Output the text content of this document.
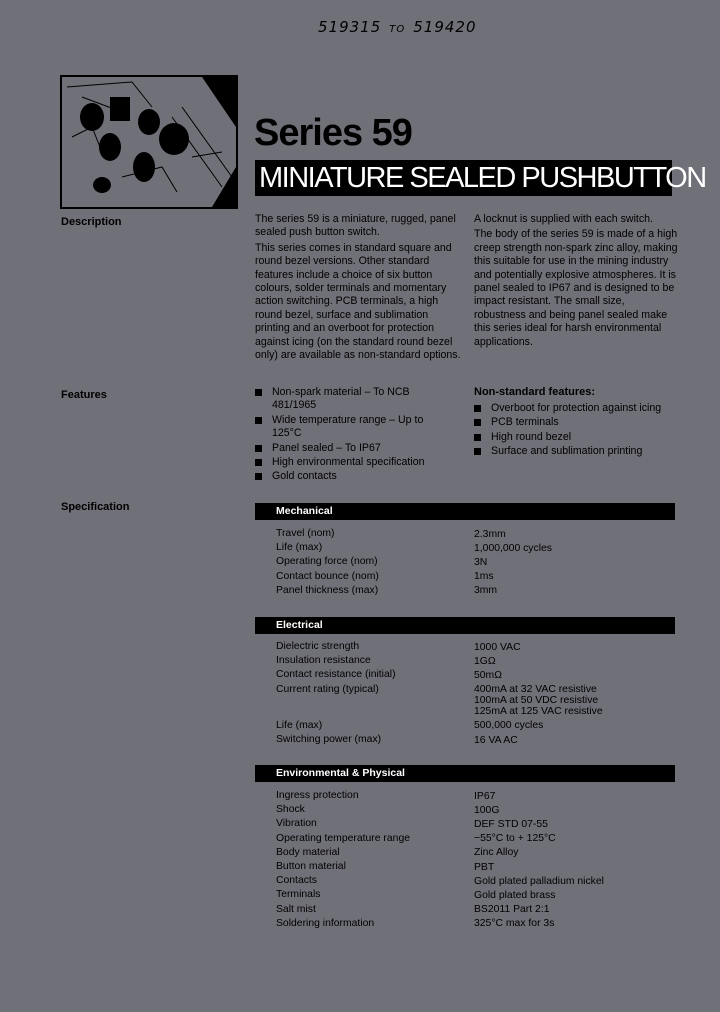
519315 TO 519420
Series 59
MINIATURE SEALED PUSHBUTTON
Description	The series 59 is a miniature, rugged, panel sealed push button switch.

This series comes in standard square and round bezel versions. Other standard features include a choice of six button colours, solder terminals and momentary action switching. PCB terminals, a high round bezel, surface and sublimation printing and an overboot for protection against icing (on the standard round bezel only) are available as non-standard options.

A locknut is supplied with each switch.

The body of the series 59 is made of a high creep strength non-spark zinc alloy, making this suitable for use in the mining industry and potentially explosive atmospheres. It is panel sealed to IP67 and is designed to be impact resistant. The small size, robustness and being panel sealed make this series ideal for harsh environmental applications.

Features	Non-spark material – To NCB 481/1965
Wide temperature range – Up to 125°C
Panel sealed – To IP67
High environmental specification
Gold contacts
Non-standard features:
Overboot for protection against icing
PCB terminals
High round bezel
Surface and sublimation printing
Specification	Mechanical
Travel (nom)	2.3mm
Life (max)	1,000,000 cycles
Operating force (nom)	3N
Contact bounce (nom)	1ms
Panel thickness (max)	3mm
Electrical
Dielectric strength	1000 VAC
Insulation resistance	1GΩ
Contact resistance (initial)	50mΩ
Current rating (typical)	400mA at 32 VAC resistive
100mA at 50 VDC resistive
125mA at 125 VAC resistive
Life (max)	500,000 cycles
Switching power (max)	16 VA AC
Environmental & Physical
Ingress protection	IP67
Shock	100G
Vibration	DEF STD 07-55
Operating temperature range	−55°C to + 125°C
Body material	Zinc Alloy
Button material	PBT
Contacts	Gold plated palladium nickel
Terminals	Gold plated brass
Salt mist	BS2011 Part 2:1
Soldering information	325°C max for 3s
